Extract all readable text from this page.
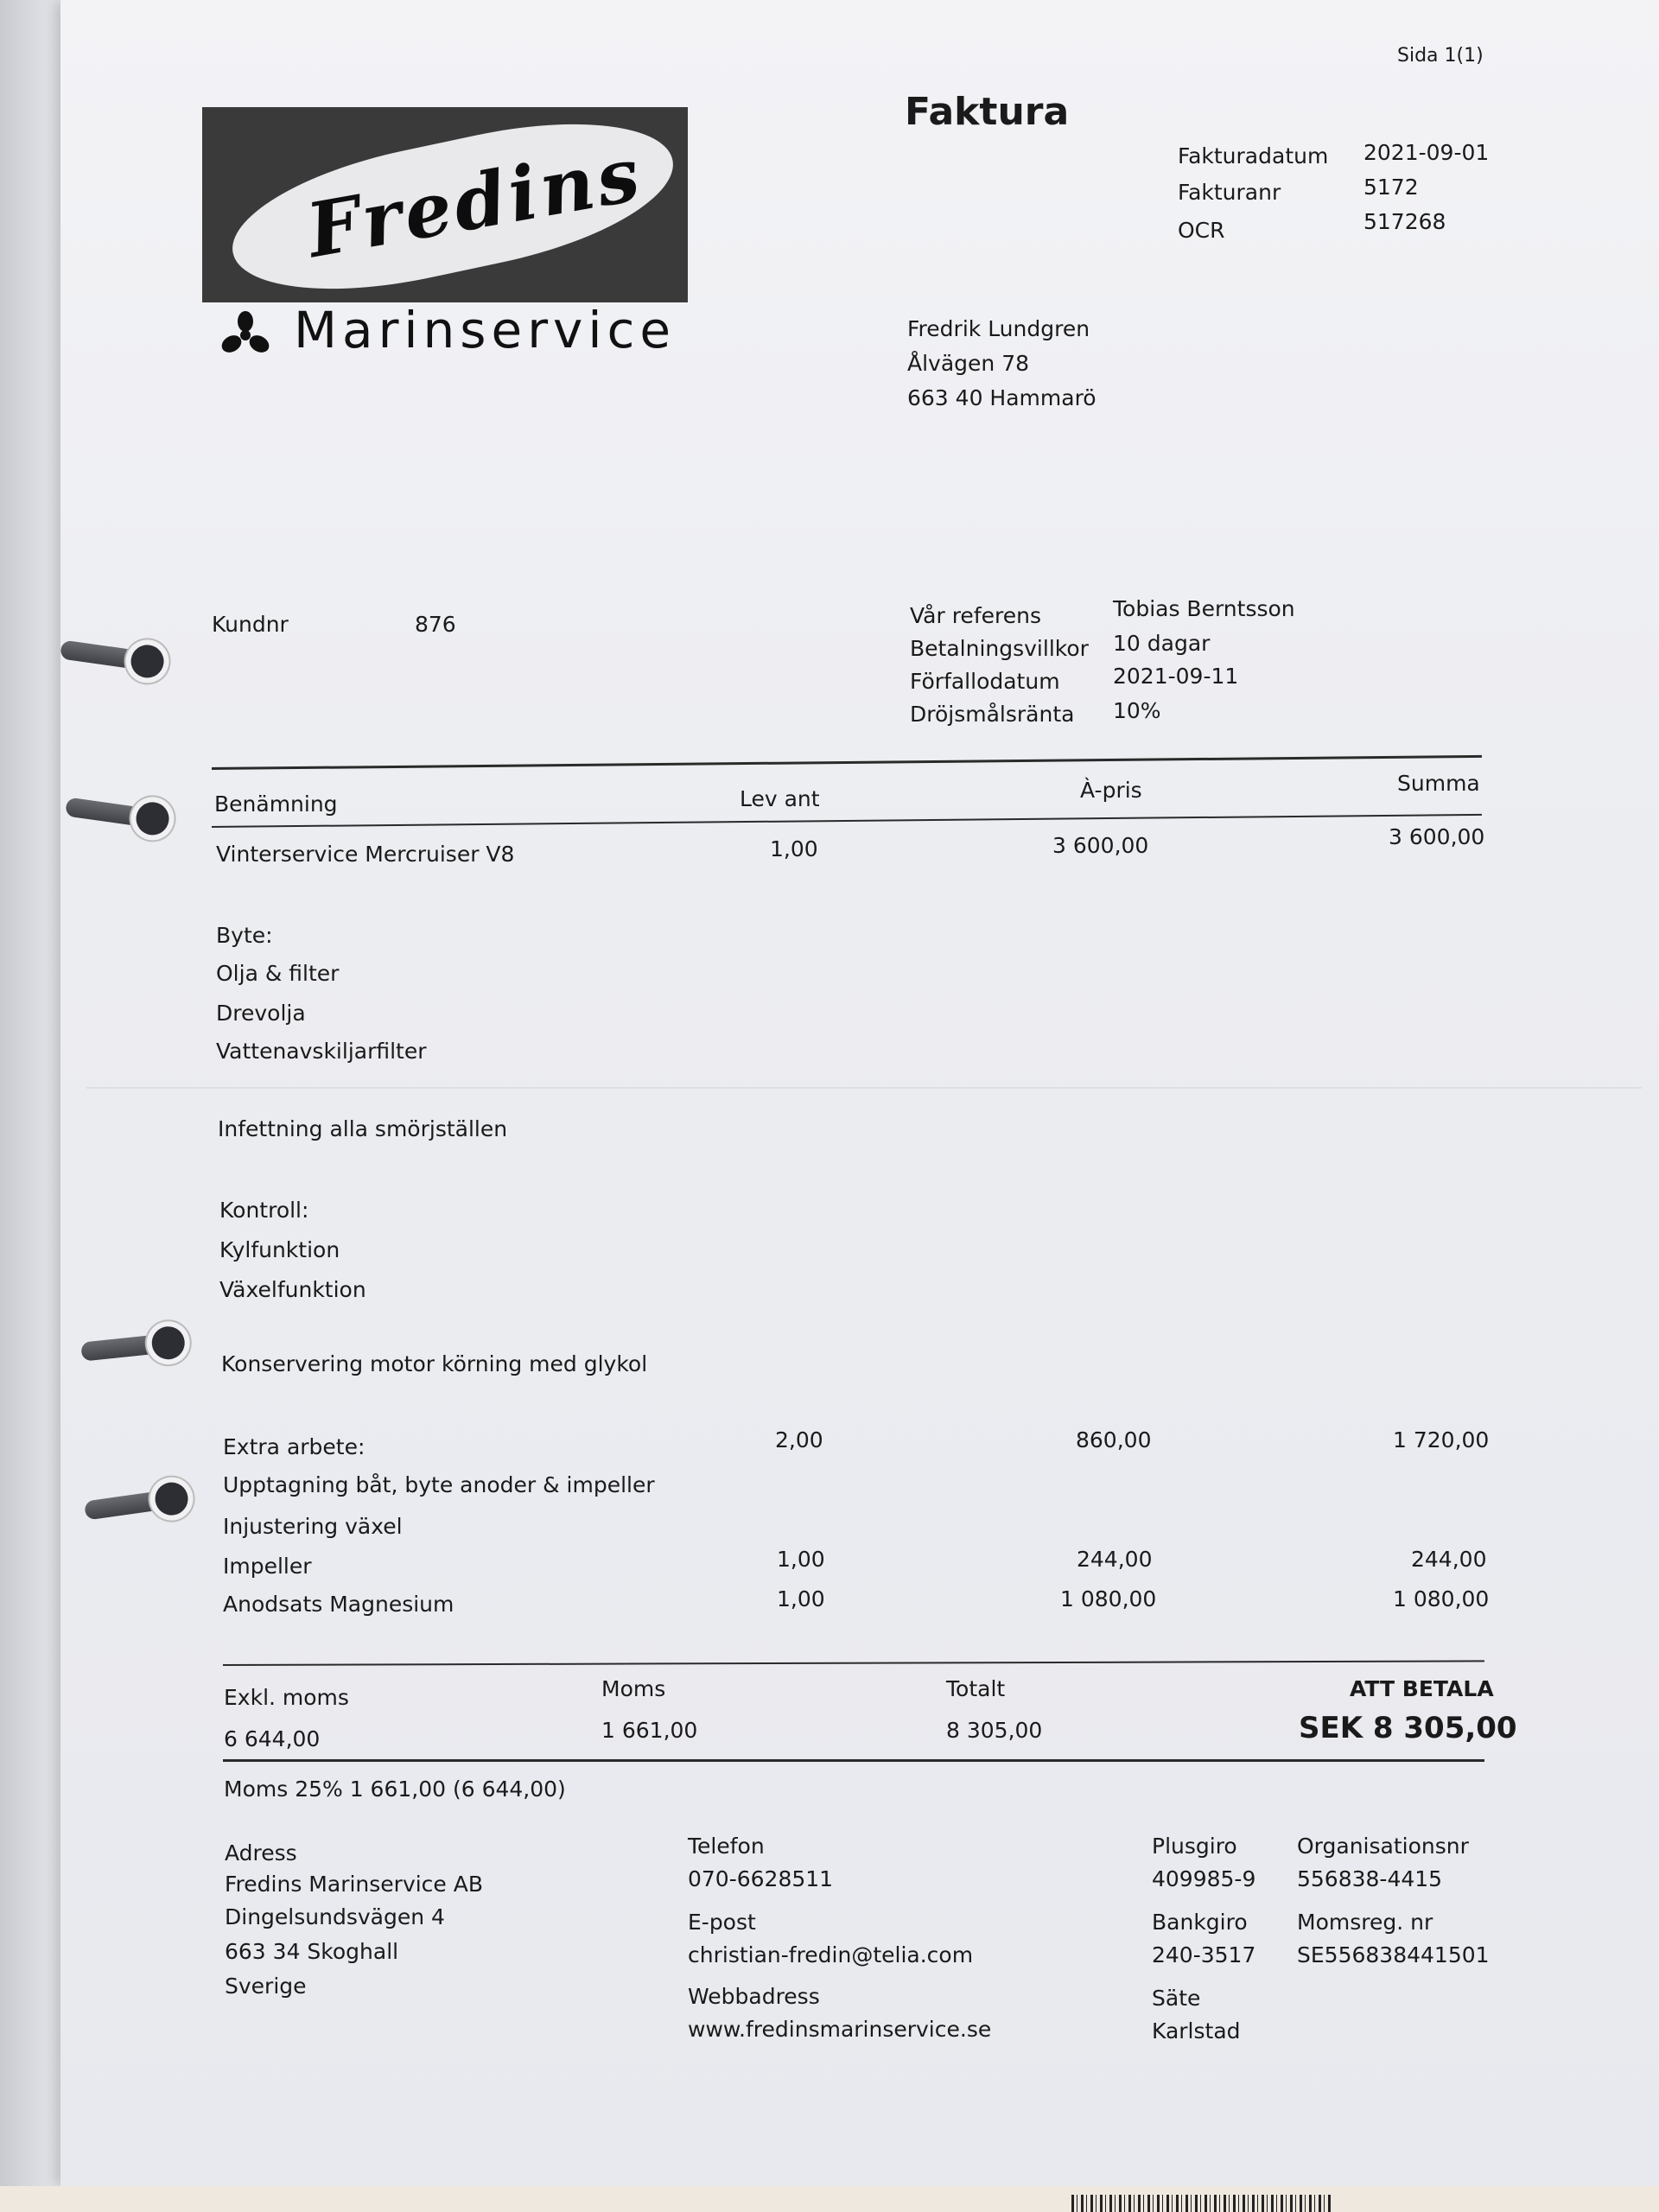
Sida 1(1)
Fredins
Marinservice
Faktura
Fakturadatum 2021-09-01
Fakturanr	5172
OCR	517268
Fredrik Lundgren
Ålvägen 78
663 40 Hammarö
Kundnr	876	Vår referens	Tobias Berntsson
Betalningsvillkor 10 dagar
Förfallodatum 2021-09-11
Dröjsmålsränta 10%
Benämning	Lev ant	À-pris	Summa
Vinterservice Mercruiser V8	1,00	3 600,00	3 600,00
Byte:
Olja & filter
Drevolja
Vattenavskiljarfilter
Infettning alla smörjställen
Kontroll:
Kylfunktion
Växelfunktion
Konservering motor körning med glykol
Extra arbete:	2,00	860,00	1 720,00
Upptagning båt, byte anoder & impeller
Injustering växel
Impeller	1,00	244,00	244,00
Anodsats Magnesium	1,00	1 080,00	1 080,00
Exkl. moms
6 644,00
Moms
1 661,00
Totalt
8 305,00
ATT BETALA
SEK 8 305,00
Moms 25% 1 661,00 (6 644,00)
Adress
Fredins Marinservice AB
Dingelsundsvägen 4
663 34 Skoghall
Sverige
Telefon
070-6628511
E-post
christian-fredin@telia.com
Webbadress
www.fredinsmarinservice.se
Plusgiro
409985-9
Bankgiro
240-3517
Säte
Karlstad
Organisationsnr
556838-4415
Momsreg. nr
SE556838441501
